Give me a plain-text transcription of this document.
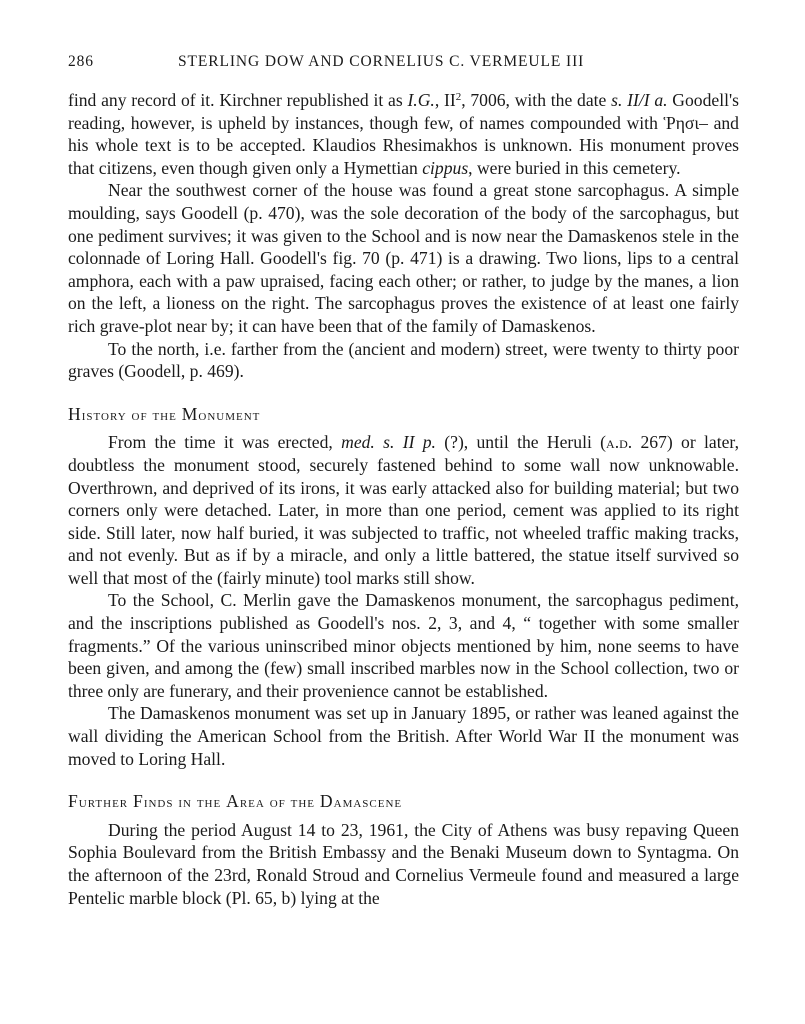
286	STERLING DOW AND CORNELIUS C. VERMEULE III

find any record of it. Kirchner republished it as I.G., $II^2$, 7006, with the date s. II/I a. Goodell's reading, however, is upheld by instances, though few, of names compounded with Ῥησι– and his whole text is to be accepted. Klaudios Rhesimakhos is unknown. His monument proves that citizens, even though given only a Hymettian cippus, were buried in this cemetery.

Near the southwest corner of the house was found a great stone sarcophagus. A simple moulding, says Goodell (p. 470), was the sole decoration of the body of the sarcophagus, but one pediment survives; it was given to the School and is now near the Damaskenos stele in the colonnade of Loring Hall. Goodell's fig. 70 (p. 471) is a drawing. Two lions, lips to a central amphora, each with a paw upraised, facing each other; or rather, to judge by the manes, a lion on the left, a lioness on the right. The sarcophagus proves the existence of at least one fairly rich grave-plot near by; it can have been that of the family of Damaskenos.

To the north, i.e. farther from the (ancient and modern) street, were twenty to thirty poor graves (Goodell, p. 469).

History of the Monument

From the time it was erected, med. s. II p. (?), until the Heruli (a.d. 267) or later, doubtless the monument stood, securely fastened behind to some wall now unknowable. Overthrown, and deprived of its irons, it was early attacked also for building material; but two corners only were detached. Later, in more than one period, cement was applied to its right side. Still later, now half buried, it was subjected to traffic, not wheeled traffic making tracks, and not evenly. But as if by a miracle, and only a little battered, the statue itself survived so well that most of the (fairly minute) tool marks still show.

To the School, C. Merlin gave the Damaskenos monument, the sarcophagus pediment, and the inscriptions published as Goodell's nos. 2, 3, and 4, “ together with some smaller fragments.” Of the various uninscribed minor objects mentioned by him, none seems to have been given, and among the (few) small inscribed marbles now in the School collection, two or three only are funerary, and their provenience cannot be established.

The Damaskenos monument was set up in January 1895, or rather was leaned against the wall dividing the American School from the British. After World War II the monument was moved to Loring Hall.

Further Finds in the Area of the Damascene

During the period August 14 to 23, 1961, the City of Athens was busy repaving Queen Sophia Boulevard from the British Embassy and the Benaki Museum down to Syntagma. On the afternoon of the 23rd, Ronald Stroud and Cornelius Vermeule found and measured a large Pentelic marble block (Pl. 65, b) lying at the
